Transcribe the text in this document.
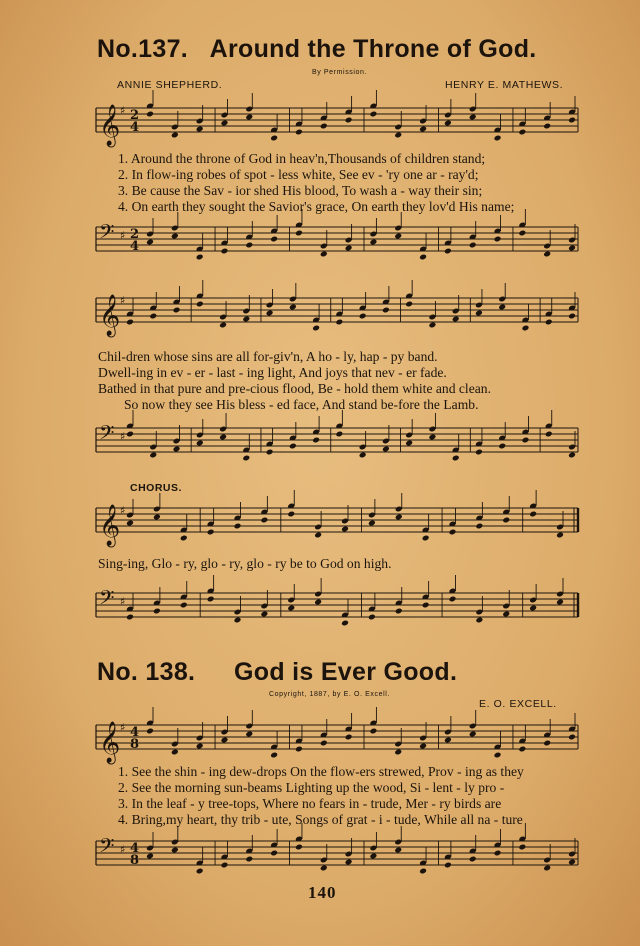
No.137. Around the Throne of God.
ANNIE SHEPHERD.
By Permission.
HENRY E. MATHEWS.
𝄞 ♯ 2
4
1. Around the throne of God in heav'n,Thousands of children stand;
2. In flow-ing robes of spot - less white, See ev - 'ry one ar - ray'd;
3. Be cause the Sav - ior shed His blood, To wash a - way their sin;
4. On earth they sought the Savior's grace, On earth they lov'd His name;
𝄢 ♯ 2
4
𝄞 ♯
Chil-dren whose sins are all for-giv'n, A ho - ly, hap - py band.
Dwell-ing in ev - er - last - ing light, And joys that nev - er fade.
Bathed in that pure and pre-cious flood, Be - hold them white and clean.
So now they see His bless - ed face, And stand be-fore the Lamb.
𝄢 ♯
CHORUS.
𝄞 ♯
Sing-ing, Glo - ry, glo - ry, glo - ry be to God on high.
𝄢 ♯
No. 138. God is Ever Good.
Copyright, 1887, by E. O. Excell.
E. O. EXCELL.
𝄞 ♯ 4
8
1. See the shin - ing dew-drops On the flow-ers strewed, Prov - ing as they
2. See the morning sun-beams Lighting up the wood, Si - lent - ly pro -
3. In the leaf - y tree-tops, Where no fears in - trude, Mer - ry birds are
4. Bring,my heart, thy trib - ute, Songs of grat - i - tude, While all na - ture
𝄢 ♯ 4
8
140
